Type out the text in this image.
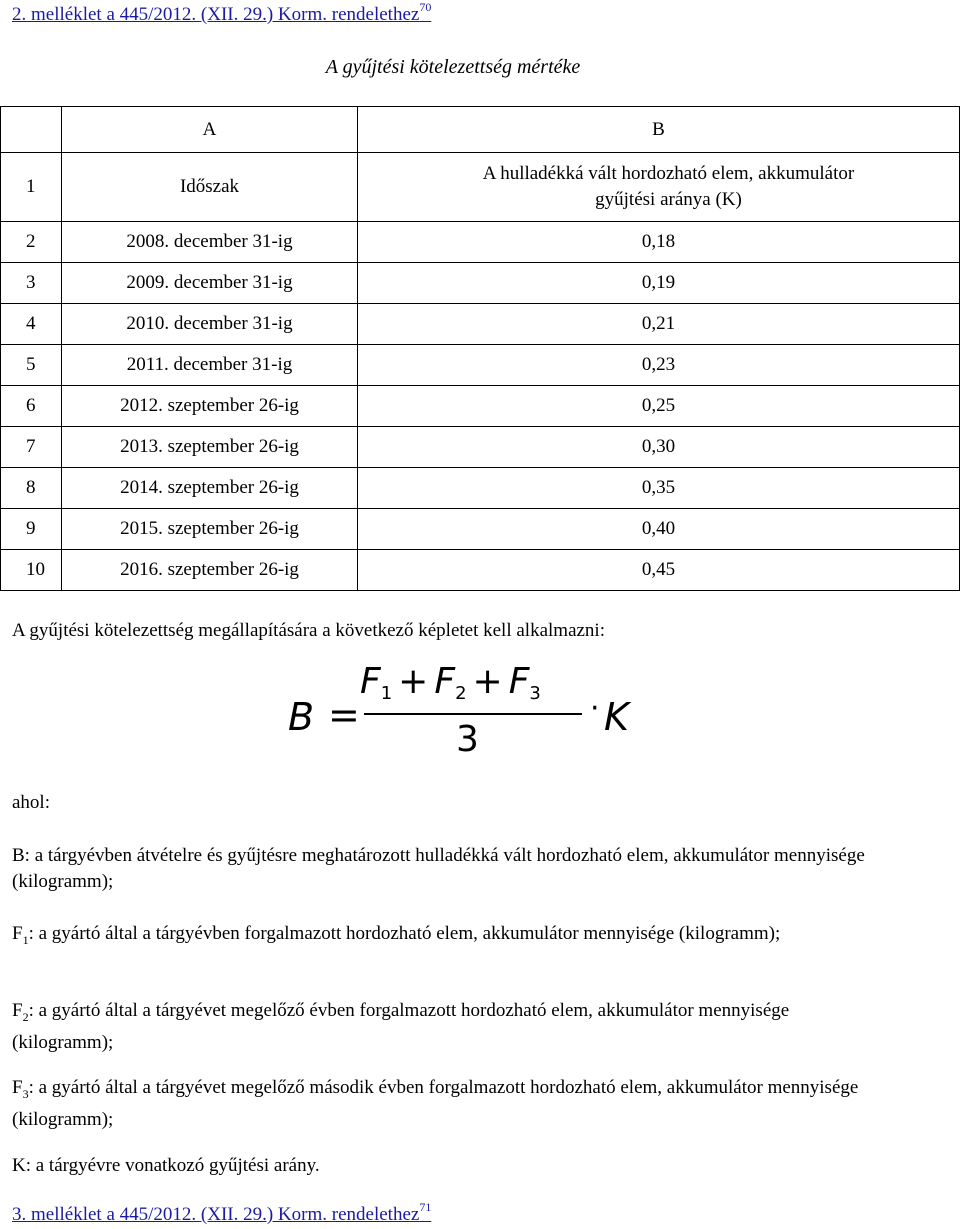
2. melléklet a 445/2012. (XII. 29.) Korm. rendelethez$^{70}$
A gyűjtési kötelezettség mértéke
	A	B
1	Időszak	A hulladékká vált hordozható elem, akkumulátor
gyűjtési aránya (K)
2	2008. december 31-ig	0,18
3	2009. december 31-ig	0,19
4	2010. december 31-ig	0,21
5	2011. december 31-ig	0,23
6	2012. szeptember 26-ig	0,25
7	2013. szeptember 26-ig	0,30
8	2014. szeptember 26-ig	0,35
9	2015. szeptember 26-ig	0,40
10	2016. szeptember 26-ig	0,45
A gyűjtési kötelezettség megállapítására a következő képletet kell alkalmazni:
B =
$F_1 + F_2 + F_3$
3
· K
ahol:
B: a tárgyévben átvételre és gyűjtésre meghatározott hulladékká vált hordozható elem, akkumulátor mennyisége (kilogramm);
$F_1$: a gyártó által a tárgyévben forgalmazott hordozható elem, akkumulátor mennyisége (kilogramm);
$F_2$: a gyártó által a tárgyévet megelőző évben forgalmazott hordozható elem, akkumulátor mennyisége (kilogramm);
$F_3$: a gyártó által a tárgyévet megelőző második évben forgalmazott hordozható elem, akkumulátor mennyisége (kilogramm);
K: a tárgyévre vonatkozó gyűjtési arány.
3. melléklet a 445/2012. (XII. 29.) Korm. rendelethez$^{71}$
